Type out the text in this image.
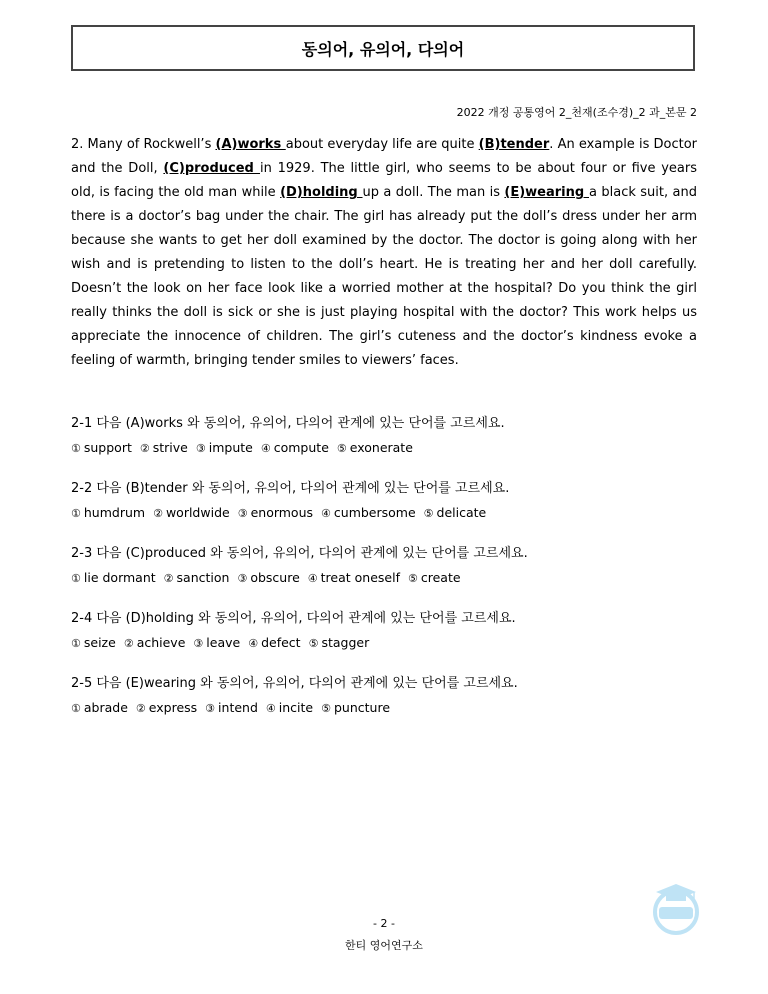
동의어, 유의어, 다의어
2022 개정 공통영어 2_천재(조수경)_2 과_본문 2
2. Many of Rockwell’s (A)works about everyday life are quite (B)tender. An example is Doctor and the Doll, (C)produced in 1929. The little girl, who seems to be about four or five years old, is facing the old man while (D)holding up a doll. The man is (E)wearing a black suit, and there is a doctor’s bag under the chair. The girl has already put the doll’s dress under her arm because she wants to get her doll examined by the doctor. The doctor is going along with her wish and is pretending to listen to the doll’s heart. He is treating her and her doll carefully. Doesn’t the look on her face look like a worried mother at the hospital? Do you think the girl really thinks the doll is sick or she is just playing hospital with the doctor? This work helps us appreciate the innocence of children. The girl’s cuteness and the doctor’s kindness evoke a feeling of warmth, bringing tender smiles to viewers’ faces.
2-1 다음 (A)works 와 동의어, 유의어, 다의어 관계에 있는 단어를 고르세요.
① support ② strive ③ impute ④ compute ⑤ exonerate
2-2 다음 (B)tender 와 동의어, 유의어, 다의어 관계에 있는 단어를 고르세요.
① humdrum ② worldwide ③ enormous ④ cumbersome ⑤ delicate
2-3 다음 (C)produced 와 동의어, 유의어, 다의어 관계에 있는 단어를 고르세요.
① lie dormant ② sanction ③ obscure ④ treat oneself ⑤ create
2-4 다음 (D)holding 와 동의어, 유의어, 다의어 관계에 있는 단어를 고르세요.
① seize ② achieve ③ leave ④ defect ⑤ stagger
2-5 다음 (E)wearing 와 동의어, 유의어, 다의어 관계에 있는 단어를 고르세요.
① abrade ② express ③ intend ④ incite ⑤ puncture
- 2 -
한티 영어연구소
